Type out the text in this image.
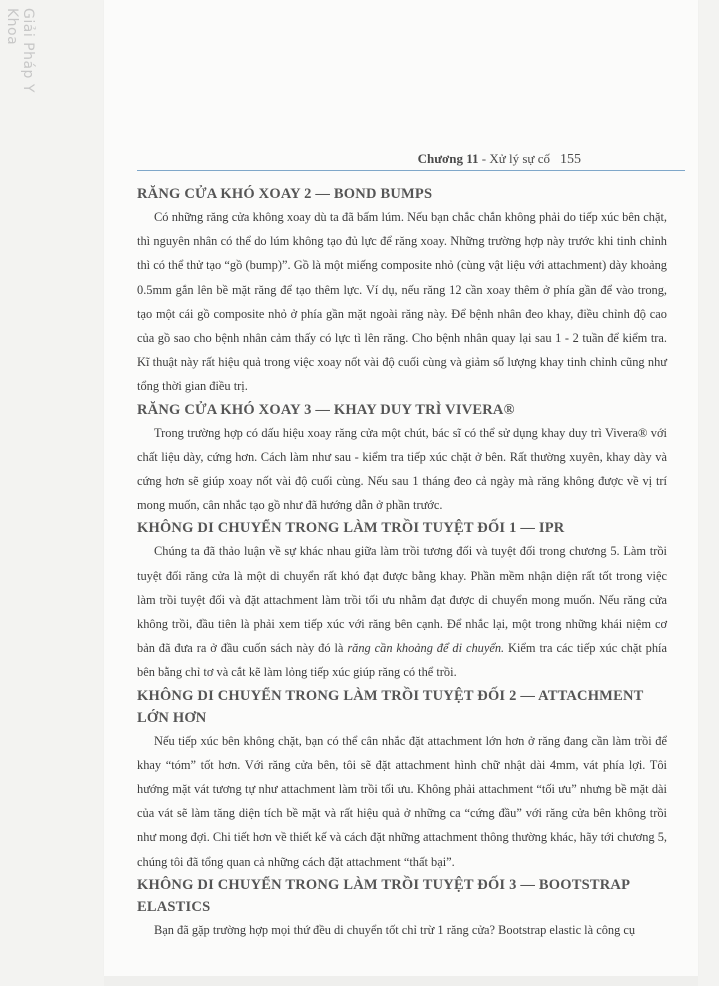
Giải Pháp Y Khoa
Chương 11 - Xử lý sự cố 155
RĂNG CỬA KHÓ XOAY 2 — BOND BUMPS

Có những răng cửa không xoay dù ta đã bấm lúm. Nếu bạn chắc chắn không phải do tiếp xúc bên chặt, thì nguyên nhân có thể do lúm không tạo đủ lực để răng xoay. Những trường hợp này trước khi tinh chỉnh thì có thể thử tạo “gồ (bump)”. Gồ là một miếng composite nhỏ (cùng vật liệu với attachment) dày khoảng 0.5mm gắn lên bề mặt răng để tạo thêm lực. Ví dụ, nếu răng 12 cần xoay thêm ở phía gần để vào trong, tạo một cái gồ composite nhỏ ở phía gần mặt ngoài răng này. Để bệnh nhân đeo khay, điều chỉnh độ cao của gồ sao cho bệnh nhân cảm thấy có lực tì lên răng. Cho bệnh nhân quay lại sau 1 - 2 tuần để kiểm tra. Kĩ thuật này rất hiệu quả trong việc xoay nốt vài độ cuối cùng và giảm số lượng khay tinh chỉnh cũng như tổng thời gian điều trị.

RĂNG CỬA KHÓ XOAY 3 — KHAY DUY TRÌ VIVERA®

Trong trường hợp có dấu hiệu xoay răng cửa một chút, bác sĩ có thể sử dụng khay duy trì Vivera® với chất liệu dày, cứng hơn. Cách làm như sau - kiểm tra tiếp xúc chặt ở bên. Rất thường xuyên, khay dày và cứng hơn sẽ giúp xoay nốt vài độ cuối cùng. Nếu sau 1 tháng đeo cả ngày mà răng không được về vị trí mong muốn, cân nhắc tạo gồ như đã hướng dẫn ở phần trước.

KHÔNG DI CHUYỂN TRONG LÀM TRỒI TUYỆT ĐỐI 1 — IPR

Chúng ta đã thảo luận về sự khác nhau giữa làm trồi tương đối và tuyệt đối trong chương 5. Làm trồi tuyệt đối răng cửa là một di chuyển rất khó đạt được bằng khay. Phần mềm nhận diện rất tốt trong việc làm trồi tuyệt đối và đặt attachment làm trồi tối ưu nhằm đạt được di chuyển mong muốn. Nếu răng cửa không trồi, đầu tiên là phải xem tiếp xúc với răng bên cạnh. Để nhắc lại, một trong những khái niệm cơ bản đã đưa ra ở đầu cuốn sách này đó là răng cần khoảng để di chuyển. Kiểm tra các tiếp xúc chặt phía bên bằng chỉ tơ và cắt kẽ làm lỏng tiếp xúc giúp răng có thể trồi.

KHÔNG DI CHUYỂN TRONG LÀM TRỒI TUYỆT ĐỐI 2 — ATTACHMENT LỚN HƠN

Nếu tiếp xúc bên không chặt, bạn có thể cân nhắc đặt attachment lớn hơn ở răng đang cần làm trồi để khay “tóm” tốt hơn. Với răng cửa bên, tôi sẽ đặt attachment hình chữ nhật dài 4mm, vát phía lợi. Tôi hướng mặt vát tương tự như attachment làm trồi tối ưu. Không phải attachment “tối ưu” nhưng bề mặt dài của vát sẽ làm tăng diện tích bề mặt và rất hiệu quả ở những ca “cứng đầu” với răng cửa bên không trồi như mong đợi. Chi tiết hơn về thiết kế và cách đặt những attachment thông thường khác, hãy tới chương 5, chúng tôi đã tổng quan cả những cách đặt attachment “thất bại”.

KHÔNG DI CHUYỂN TRONG LÀM TRỒI TUYỆT ĐỐI 3 — BOOTSTRAP ELASTICS

Bạn đã gặp trường hợp mọi thứ đều di chuyển tốt chỉ trừ 1 răng cửa? Bootstrap elastic là công cụ
